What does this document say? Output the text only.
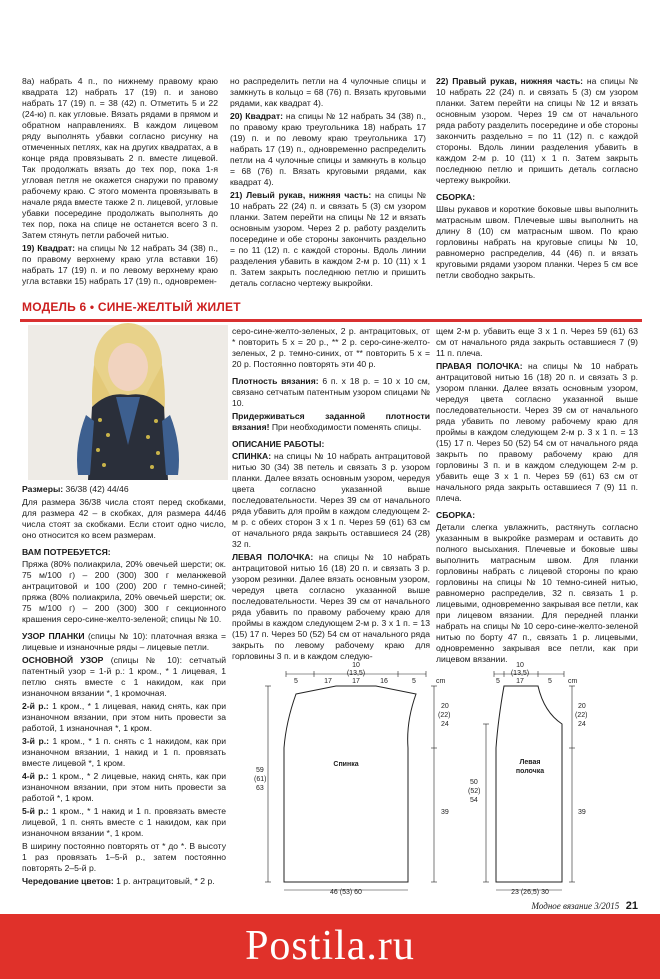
8а) набрать 4 п., по нижнему правому краю квадрата 12) набрать 17 (19) п. и заново набрать 17 (19) п. = 38 (42) п. Отметить 5 и 22 (24-ю) п. как угловые. Вязать рядами в прямом и обратном направлениях. В каждом лицевом ряду выполнять убавки согласно рисунку на отмеченных петлях, как на других квадратах, а в конце ряда провязывать 2 п. вместе лицевой. Так продолжать вязать до тех пор, пока 1-я угловая петля не окажется снаружи по правому рабочему краю. С этого момента провязывать в начале ряда вместе также 2 п. лицевой, угловые убавки посередине продолжать выполнять до тех пор, пока на спице не останется всего 3 п. Затем стянуть петли рабочей нитью.

19) Квадрат: на спицы № 12 набрать 34 (38) п., по правому верхнему краю угла вставки 16) набрать 17 (19) п. и по левому верхнему краю угла вставки 15) набрать 17 (19) п., одновремен-

но распределить петли на 4 чулочные спицы и замкнуть в кольцо = 68 (76) п. Вязать круговыми рядами, как квадрат 4).

20) Квадрат: на спицы № 12 набрать 34 (38) п., по правому краю треугольника 18) набрать 17 (19) п. и по левому краю треугольника 17) набрать 17 (19) п., одновременно распределить петли на 4 чулочные спицы и замкнуть в кольцо = 68 (76) п. Вязать круговыми рядами, как квадрат 4).

21) Левый рукав, нижняя часть: на спицы № 10 набрать 22 (24) п. и связать 5 (3) см узором планки. Затем перейти на спицы № 12 и вязать основным узором. Через 2 р. работу разделить посередине и обе стороны закончить раздельно = по 11 (12) п. с каждой стороны. Вдоль линии разделения убавить в каждом 2-м р. 10 (11) x 1 п. Затем закрыть последнюю петлю и пришить деталь согласно чертежу выкройки.

22) Правый рукав, нижняя часть: на спицы № 10 набрать 22 (24) п. и связать 5 (3) см узором планки. Затем перейти на спицы № 12 и вязать основным узором. Через 19 см от начального ряда работу разделить посередине и обе стороны закончить раздельно = по 11 (12) п. с каждой стороны. Вдоль линии разделения убавить в каждом 2-м р. 10 (11) x 1 п. Затем закрыть последнюю петлю и пришить деталь согласно чертежу выкройки.

СБОРКА:

Швы рукавов и короткие боковые швы выполнить матрасным швом. Плечевые швы выполнить на длину 8 (10) см матрасным швом. По краю горловины набрать на круговые спицы № 10, равномерно распределив, 44 (46) п. и вязать круговыми рядами узором планки. Через 5 см все петли свободно закрыть.

МОДЕЛЬ 6 • СИНЕ-ЖЕЛТЫЙ ЖИЛЕТ

Размеры: 36/38 (42) 44/46

Для размера 36/38 числа стоят перед скобками, для размера 42 – в скобках, для размера 44/46 числа стоят за скобками. Если стоит одно число, оно относится ко всем размерам.

ВАМ ПОТРЕБУЕТСЯ:

Пряжа (80% полиакрила, 20% овечьей шерсти; ок. 75 м/100 г) – 200 (300) 300 г меланжевой антрацитовой и 100 (200) 200 г темно-синей; пряжа (80% полиакрила, 20% овечьей шерсти; ок. 75 м/100 г) – 200 (300) 300 г секционного крашения серо-сине-желто-зеленой; спицы № 10.

УЗОР ПЛАНКИ (спицы № 10): платочная вязка = лицевые и изнаночные ряды – лицевые петли.

ОСНОВНОЙ УЗОР (спицы № 10): сетчатый патентный узор = 1-й р.: 1 кром., * 1 лицевая, 1 петлю снять вместе с 1 накидом, как при изнаночном вязании *, 1 кромочная.

2-й р.: 1 кром., * 1 лицевая, накид снять, как при изнаночном вязании, при этом нить провести за работой, 1 изнаночная *, 1 кром.

3-й р.: 1 кром., * 1 п. снять с 1 накидом, как при изнаночном вязании, 1 накид и 1 п. провязать вместе лицевой *, 1 кром.

4-й р.: 1 кром., * 2 лицевые, накид снять, как при изнаночном вязании, при этом нить провести за работой *, 1 кром.

5-й р.: 1 кром., * 1 накид и 1 п. провязать вместе лицевой, 1 п. снять вместе с 1 накидом, как при изнаночном вязании *, 1 кром.

В ширину постоянно повторять от * до *. В высоту 1 раз провязать 1–5-й р., затем постоянно повторять 2–5-й р.

Чередование цветов: 1 р. антрацитовый, * 2 р.

серо-сине-желто-зеленых, 2 р. антрацитовых, от * повторить 5 x = 20 р., ** 2 р. серо-сине-желто-зеленых, 2 р. темно-синих, от ** повторить 5 x = 20 р. Постоянно повторять эти 40 р.

Плотность вязания: 6 п. x 18 р. = 10 x 10 см, связано сетчатым патентным узором спицами № 10.

Придерживаться заданной плотности вязания! При необходимости поменять спицы.

ОПИСАНИЕ РАБОТЫ:

СПИНКА: на спицы № 10 набрать антрацитовой нитью 30 (34) 38 петель и связать 3 р. узором планки. Далее вязать основным узором, чередуя цвета согласно указанной выше последовательности. Через 39 см от начального ряда убавить для пройм в каждом следующем 2-м р. с обеих сторон 3 x 1 п. Через 59 (61) 63 см от начального ряда закрыть оставшиеся 24 (28) 32 п.

ЛЕВАЯ ПОЛОЧКА: на спицы № 10 набрать антрацитовой нитью 16 (18) 20 п. и связать 3 р. узором резинки. Далее вязать основным узором, чередуя цвета согласно указанной выше последовательности. Через 39 см от начального ряда убавить по правому рабочему краю для проймы в каждом следующем 2-м р. 3 x 1 п. = 13 (15) 17 п. Через 50 (52) 54 см от начального ряда закрыть по левому рабочему краю для горловины 3 п. и в каждом следую-

щем 2-м р. убавить еще 3 x 1 п. Через 59 (61) 63 см от начального ряда закрыть оставшиеся 7 (9) 11 п. плеча.

ПРАВАЯ ПОЛОЧКА: на спицы № 10 набрать антрацитовой нитью 16 (18) 20 п. и связать 3 р. узором планки. Далее вязать основным узором, чередуя цвета согласно указанной выше последовательности. Через 39 см от начального ряда убавить по левому рабочему краю для проймы в каждом следующем 2-м р. 3 x 1 п. = 13 (15) 17 п. Через 50 (52) 54 см от начального ряда закрыть по правому рабочему краю для горловины 3 п. и в каждом следующем 2-м р. убавить еще 3 x 1 п. Через 59 (61) 63 см от начального ряда закрыть оставшиеся 7 (9) 11 п. плеча.

СБОРКА:

Детали слегка увлажнить, растянуть согласно указанным в выкройке размерам и оставить до полного высыхания. Плечевые и боковые швы выполнить матрасным швом. Для планки горловины набрать с лицевой стороны по краю горловины на спицы № 10 темно-синей нитью, равномерно распределив, 32 п. связать 1 р. лицевыми, одновременно закрывая все петли, как при лицевом вязании. Для передней планки набрать на спицы № 10 серо-сине-желто-зеленой нитью по борту 47 п., связать 1 р. лицевыми, одновременно закрывая все петли, как при лицевом вязании.

10
(13,5)
17
5	17	16	5	cm
20
(22)
24
39
59
(61)
63
Спинка
46 (53) 60
10
(13,5)
17
5	5 cm
20
(22)
24
39
50
(52)
54
Левая
полочка
23 (26,5) 30
Модное вязание 3/2015 21
Postila.ru
